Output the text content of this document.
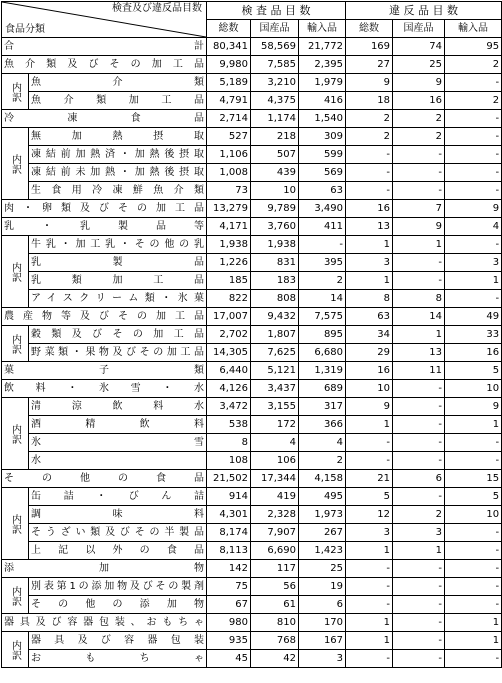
検査及び違反品目数
食品分類		検 査 品 目 数			違 反 品 目 数		
		総数	国産品	輸入品	総数	国産品	輸入品
合 計		80,341	58,569	21,772	169	74	95
魚介類及びその加工品		9,980	7,585	2,395	27	25	2
内訳	魚 介 類	5,189	3,210	1,979	9	9	-
	魚 介 類 加 工 品	4,791	4,375	416	18	16	2
冷 凍 食 品		2,714	1,174	1,540	2	2	-
内訳	無 加 熱 摂 取	527	218	309	2	2	-
	凍結前加熱済・加熱後摂取	1,106	507	599	-	-	-
	凍結前未加熱・加熱後摂取	1,008	439	569	-	-	-
	生食用冷凍鮮魚介類	73	10	63	-	-	-
肉・卵類及びその加工品		13,279	9,789	3,490	16	7	9
乳 ・ 乳 製 品 等		4,171	3,760	411	13	9	4
内訳	牛乳・加工乳・その他の乳	1,938	1,938	-	1	1	-
	乳 製 品	1,226	831	395	3	-	3
	乳 類 加 工 品	185	183	2	1	-	1
	アイスクリーム類・氷菓	822	808	14	8	8	-
農産物等及びその加工品		17,007	9,432	7,575	63	14	49
内訳	穀類及びその加工品	2,702	1,807	895	34	1	33
	野菜類・果物及びその加工品	14,305	7,625	6,680	29	13	16
菓 子 類		6,440	5,121	1,319	16	11	5
飲 料 ・ 氷 雪 ・ 水		4,126	3,437	689	10	-	10
内訳	清 涼 飲 料 水	3,472	3,155	317	9	-	9
	酒 精 飲 料	538	172	366	1	-	1
	氷 雪	8	4	4	-	-	-
	水	108	106	2	-	-	-
そ の 他 の 食 品		21,502	17,344	4,158	21	6	15
内訳	缶 詰 ・ び ん 詰	914	419	495	5	-	5
	調 味 料	4,301	2,328	1,973	12	2	10
	そうざい類及びその半製品	8,174	7,907	267	3	3	-
	上 記 以 外 の 食 品	8,113	6,690	1,423	1	1	-
添 加 物		142	117	25	-	-	-
内訳	別表第1の添加物及びその製剤	75	56	19	-	-	-
	そ の 他 の 添 加 物	67	61	6	-	-	-
器具及び容器包装、おもちゃ		980	810	170	1	-	1
内訳	器 具 及 び 容 器 包 装	935	768	167	1	-	1
	お も ち ゃ	45	42	3	-	-	-
